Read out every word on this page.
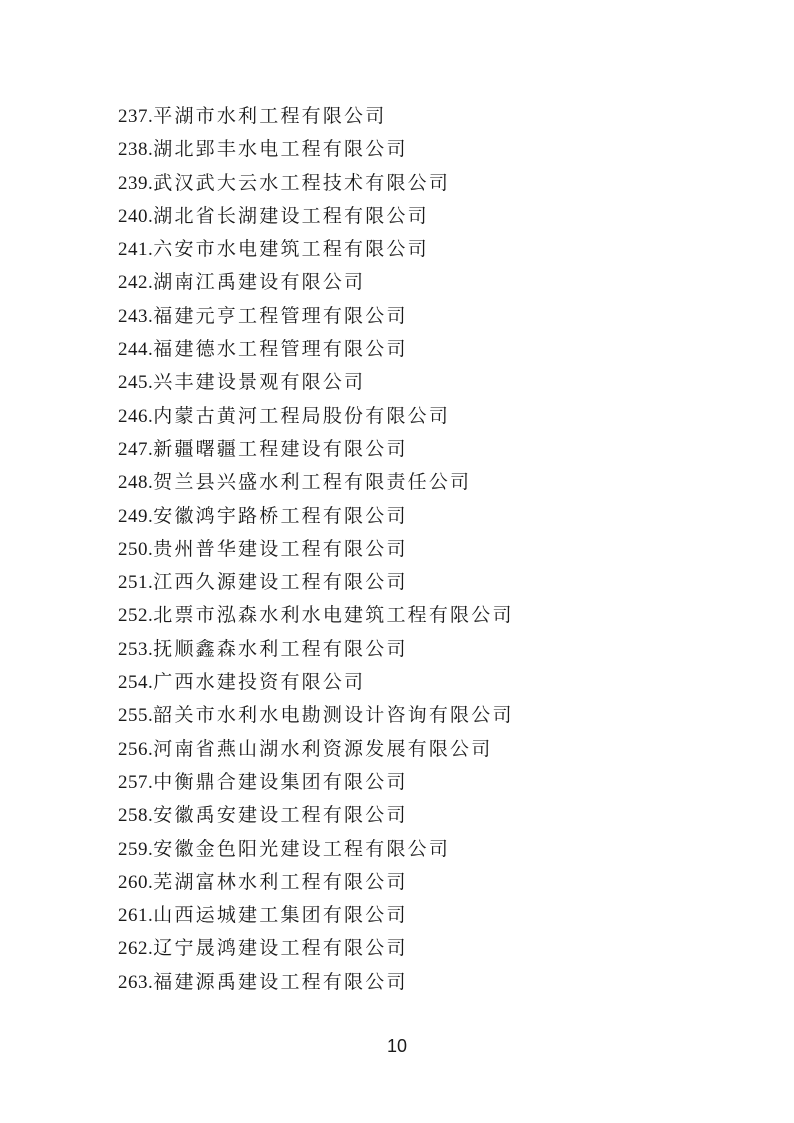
237.平湖市水利工程有限公司
238.湖北郢丰水电工程有限公司
239.武汉武大云水工程技术有限公司
240.湖北省长湖建设工程有限公司
241.六安市水电建筑工程有限公司
242.湖南江禹建设有限公司
243.福建元亨工程管理有限公司
244.福建德水工程管理有限公司
245.兴丰建设景观有限公司
246.内蒙古黄河工程局股份有限公司
247.新疆曙疆工程建设有限公司
248.贺兰县兴盛水利工程有限责任公司
249.安徽鸿宇路桥工程有限公司
250.贵州普华建设工程有限公司
251.江西久源建设工程有限公司
252.北票市泓森水利水电建筑工程有限公司
253.抚顺鑫森水利工程有限公司
254.广西水建投资有限公司
255.韶关市水利水电勘测设计咨询有限公司
256.河南省燕山湖水利资源发展有限公司
257.中衡鼎合建设集团有限公司
258.安徽禹安建设工程有限公司
259.安徽金色阳光建设工程有限公司
260.芜湖富林水利工程有限公司
261.山西运城建工集团有限公司
262.辽宁晟鸿建设工程有限公司
263.福建源禹建设工程有限公司
10
